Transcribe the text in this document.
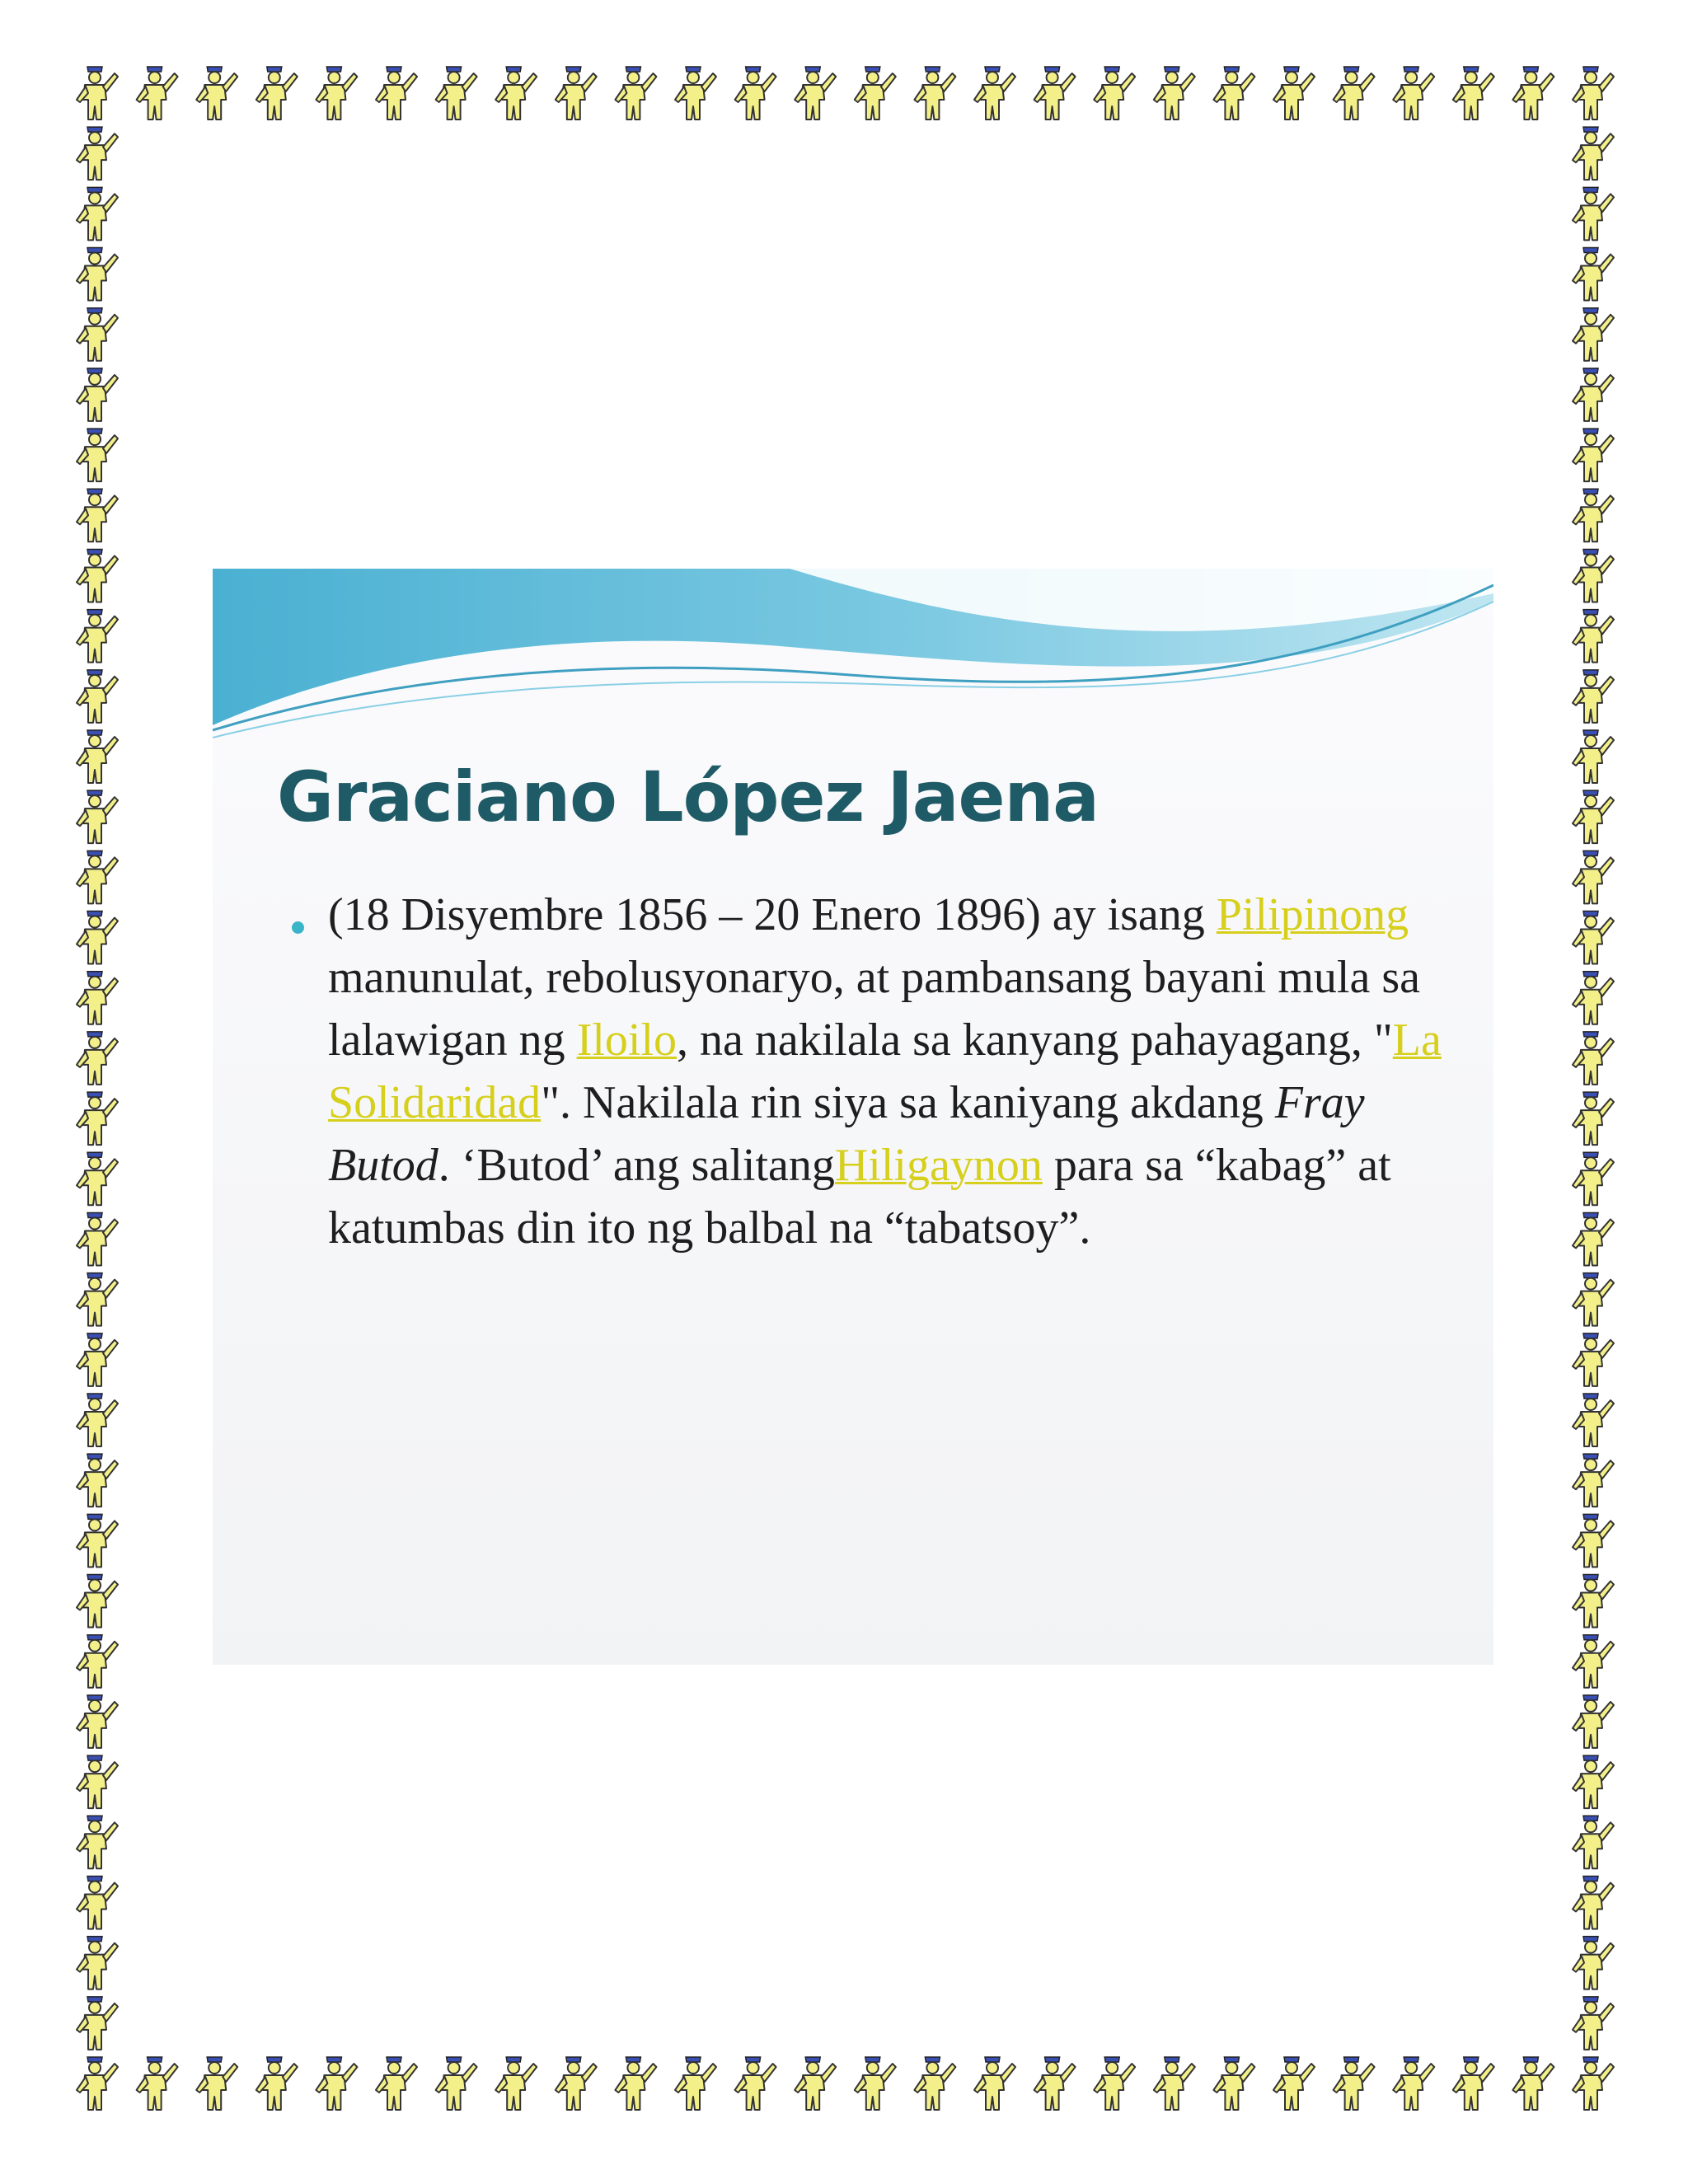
Graciano López Jaena

(18 Disyembre 1856 – 20 Enero 1896) ay isang Pilipinong manunulat, rebolusyonaryo, at pambansang bayani mula sa lalawigan ng Iloilo, na nakilala sa kanyang pahayagang, "La Solidaridad". Nakilala rin siya sa kaniyang akdang Fray Butod. ‘Butod’ ang salitangHiligaynon para sa “kabag” at katumbas din ito ng balbal na “tabatsoy”.
